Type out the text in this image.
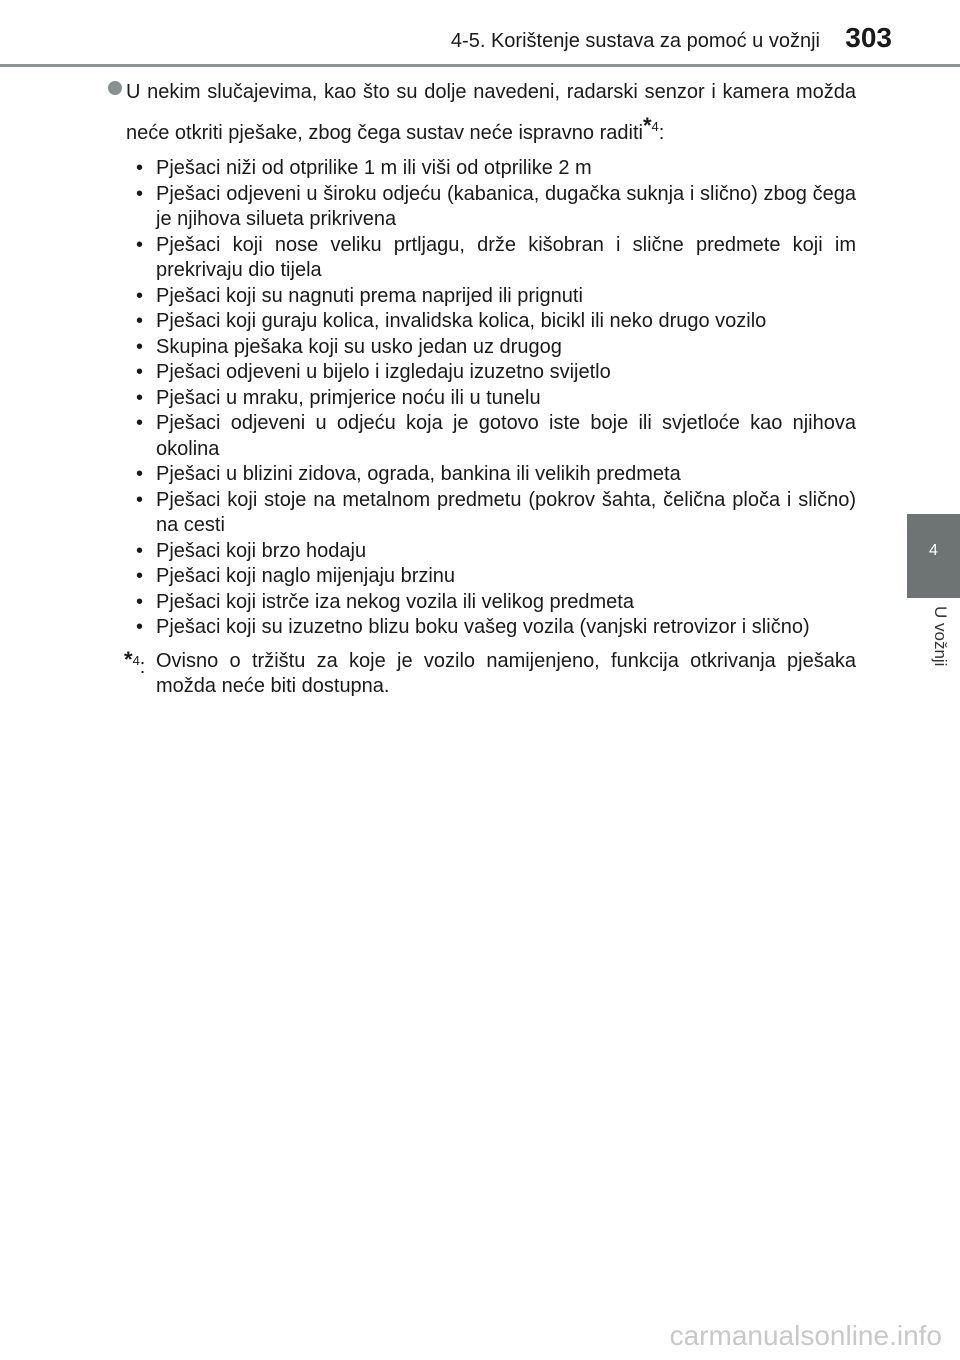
4-5. Korištenje sustava za pomoć u vožnji 303
4
U vožnji
U nekim slučajevima, kao što su dolje navedeni, radarski senzor i kamera možda neće otkriti pješake, zbog čega sustav neće ispravno raditi*$^4$:
• Pješaci niži od otprilike 1 m ili viši od otprilike 2 m
• Pješaci odjeveni u široku odjeću (kabanica, dugačka suknja i slično) zbog čega je njihova silueta prikrivena
• Pješaci koji nose veliku prtljagu, drže kišobran i slične predmete koji im prekrivaju dio tijela
• Pješaci koji su nagnuti prema naprijed ili prignuti
• Pješaci koji guraju kolica, invalidska kolica, bicikl ili neko drugo vozilo
• Skupina pješaka koji su usko jedan uz drugog
• Pješaci odjeveni u bijelo i izgledaju izuzetno svijetlo
• Pješaci u mraku, primjerice noću ili u tunelu
• Pješaci odjeveni u odjeću koja je gotovo iste boje ili svjetloće kao njihova okolina
• Pješaci u blizini zidova, ograda, bankina ili velikih predmeta
• Pješaci koji stoje na metalnom predmetu (pokrov šahta, čelična ploča i slično) na cesti
• Pješaci koji brzo hodaju
• Pješaci koji naglo mijenjaju brzinu
• Pješaci koji istrče iza nekog vozila ili velikog predmeta
• Pješaci koji su izuzetno blizu boku vašeg vozila (vanjski retrovizor i slično)
*$^4$: Ovisno o tržištu za koje je vozilo namijenjeno, funkcija otkrivanja pješaka možda neće biti dostupna.
carmanualsonline.info
